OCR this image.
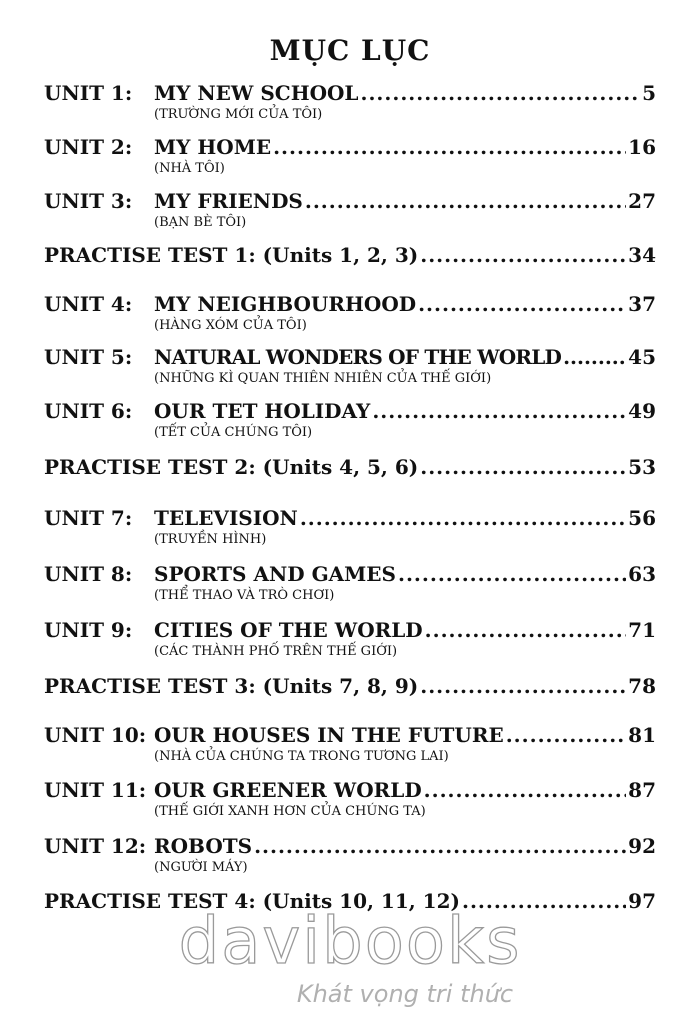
MỤC LỤC
UNIT 1:	MY NEW SCHOOL .....	5
(TRƯỜNG MỚI CỦA TÔI)
UNIT 2:	MY HOME .....	16
(NHÀ TÔI)
UNIT 3:	MY FRIENDS .....	27
(BẠN BÈ TÔI)
PRACTISE TEST 1: (Units 1, 2, 3) .....	34
UNIT 4:	MY NEIGHBOURHOOD .....	37
(HÀNG XÓM CỦA TÔI)
UNIT 5:	NATURAL WONDERS OF THE WORLD .....	45
(NHỮNG KÌ QUAN THIÊN NHIÊN CỦA THẾ GIỚI)
UNIT 6:	OUR TET HOLIDAY .....	49
(TẾT CỦA CHÚNG TÔI)
PRACTISE TEST 2: (Units 4, 5, 6) .....	53
UNIT 7:	TELEVISION .....	56
(TRUYỀN HÌNH)
UNIT 8:	SPORTS AND GAMES .....	63
(THỂ THAO VÀ TRÒ CHƠI)
UNIT 9:	CITIES OF THE WORLD .....	71
(CÁC THÀNH PHỐ TRÊN THẾ GIỚI)
PRACTISE TEST 3: (Units 7, 8, 9) .....	78
UNIT 10: OUR HOUSES IN THE FUTURE .....	81
(NHÀ CỦA CHÚNG TA TRONG TƯƠNG LAI)
UNIT 11: OUR GREENER WORLD .....	87
(THẾ GIỚI XANH HƠN CỦA CHÚNG TA)
UNIT 12: ROBOTS .....	92
(NGƯỜI MÁY)
PRACTISE TEST 4: (Units 10, 11, 12) .....	97
davibooks
Khát vọng tri thức
